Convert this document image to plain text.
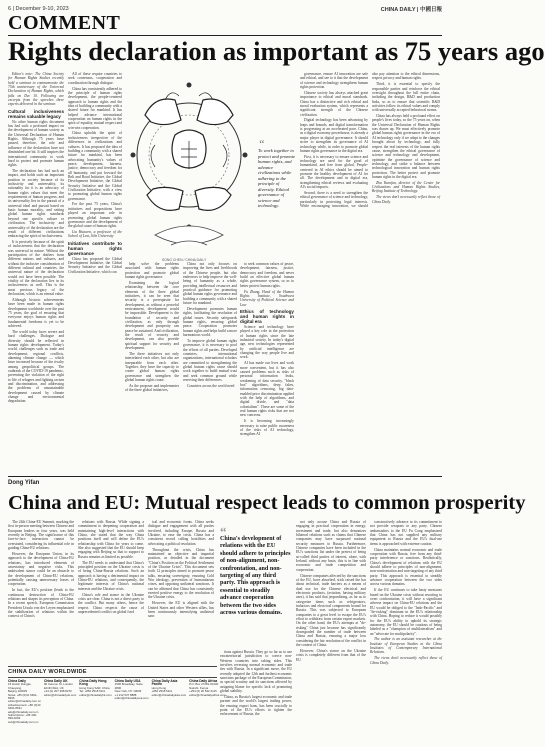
6 | December 9-10, 2023	CHINA DAILY | 中國日報
COMMENT
Rights declaration as important as 75 years ago

Editor's note: The China Society for Human Rights Studies recently held a seminar to commemorate the 75th anniversary of the Universal Declaration of Human Rights, which falls on Dec 10. Following are excerpts from the speeches three experts delivered in the seminar.

Cultural inclusiveness remains valuable legacy

No other human rights document has had such a profound impact on the development of human society as the Universal Declaration of Human Rights. Although 75 years have passed, therefore, the role and influence of the declaration have not diminished one bit. It still inspires the international community to work hard to protect and promote human rights.

The declaration has had such an impact, and holds such an important position in society because of its inclusivity and universality, its rationality for it is an advocacy of human rights values that meet the requirements of human progress; and its universality lies in the pursuit of a universal ideal and pursuit based on basic human morality, and setting global human rights standards beyond one specific culture or civilization. The inclusivity and universality of the declaration are the result of different civilizations embracing the spirit of inclusiveness.

It is precisely because of the spirit of inclusiveness that the declaration was universal in nature. Without the participation of the drafters from different nations and cultures, and without the inclusive consideration of different cultural and countries, the universal nature of the declaration would not have been possible. The vitality of the declaration lies in its inclusiveness as well. This is the most precious legacy of the declaration, which is an eternal value.

Although historic achievements have been made in human rights development worldwide over the past 75 years, the goal of ensuring that everyone enjoys human rights and fundamental freedoms is yet to be achieved.

The world today faces severe and hard challenges. Dialogue and diversity should be reflected in human rights development. Today's world, challenges such as trade and development, regional conflicts, alarming climate change — which have increased because of the rivalry among geopolitical groups. The outbreak of the COVID-19 pandemic, preventing the violation of the right to life of refugees and fighting racism and discrimination, and addressing the problems of unsustainable development caused by climate change and environmental degradation.

All of these require countries to seek consensus, cooperation and coordination through dialogue.

China has consistently adhered to the principle of human rights development, the people-centered approach to human rights and the idea of building a community with a shared future for mankind. It has helped advance international cooperation on human rights in the spirit of equality, mutual respect and win-win cooperation.

China upholds the spirit of inclusiveness irrespective of the differences in civilizations and cultures. It has proposed the idea of building a community with a shared future for mankind, has been advocating humanity's values of peace, development, fairness, justice, democracy and freedom for all humanity, and put forward the Belt and Road Initiative, the Global Development Initiative, the Global Security Initiative and the Global Civilization Initiative, with a view to promoting global human rights governance.

For the past 75 years, China's initiatives and propositions have played an important role in promoting global human rights governance and the development of the global cause of human rights.

Liu Huawen, a professor of the School of Law, Jilin University

Initiatives contribute to human rights governance

China has proposed the Global Development Initiative, the Global Security Initiative and the Global Civilization Initiative, which can

help solve the problems associated with human rights protection and promote global human rights governance.

Examining the logical relationship between the core elements of the three global initiatives, it can be seen that security is a prerequisite for development, as without a peaceful environment, development would be impossible. Development is the foundation of security and civilization, as only through development and prosperity can peace be sustained. And civilization, the result of security and development, can also provide spiritual support for security and development.

The three initiatives not only interrelated each other, but also are inseparable from each other. Together, they have the capacity to create global human rights governance and strengthen the global human rights cause.

As the proposer and implementer of the three global initiatives,

China not only focuses on improving the lives and livelihoods of the Chinese people, but also endeavors to help improve the well-being of humanity as a whole, providing intellectual resources and practical guidance for promoting global human rights governance and building a community with a shared future for mankind.

Development promotes human rights, facilitating the resolution of global issues. Security safeguards human rights, ensuring global peace. Cooperation promotes human rights and helps build a more harmonious world.

To improve global human rights governance, it is necessary to pool the efforts of all parties. Developed countries, international organizations, international scholars are committed to strengthening the global human rights cause should work together to build mutual trust and seek common ground while reserving their differences.

Countries across the world need

to seek common values of peace, development, fairness, justice, democracy and freedom, and never build an effective global human rights governance system, so as to better protect human rights.

Fu Zhang, Head of the Human Rights Institute, Southwest University of Political Science and Law

Ethics of technology and human rights in digital era

Science and technology have played a key role in the protection of human rights since the late industrial society. In today's digital age, new technologies represented by artificial intelligence are changing the way people live and work.

AI has made our lives and work more convenient, but it has also caused problems such as risks of personal information leaks, weakening of data security, "black box" algorithms, deep fakes, information censoring, big data-enabled price discrimination applied with the help of algorithms, and digital divide, and "data colonialism". These are some of the real human rights risks that are not new concerns.

It is becoming increasingly necessary to raise public awareness of the risks of AI technology, strengthen AI

governance, ensure AI innovation are safe and ethical, and see to it that the development of science and technology strengthens human rights protection.

Chinese society has always attached great importance to ethical and moral standards. China has a distinctive and rich ethical and moral evaluation system, which represents a significant strength of the Chinese civilization.

Digital technology has been advancing by leaps and bounds, and digital transformation is progressing at an accelerated pace. China, as a digital economy powerhouse, is already a major player in digital governance. It should strive to strengthen its governance of AI technology while, in order to promote global human rights governance in the digital era.

First, it is necessary to ensure science and technology are used for the good of humankind, and free from global, People-centered in AI ethics should be aimed to promote the healthy development of AI for all. The development and in digital era, strengthening ethical reviews and evaluating AI's social impacts.

Second, there is a need to strengthen the ethical governance of science and technology, particularly in protecting legal interests. While encouraging innovation, we should also pay attention to the ethical dimensions, respect privacy and human rights.

Third, it is essential to specify the responsible parties and reinforce the ethical oversight throughout the full entire chain, including the design, R&D and production links, so as to ensure that scientific R&D activities follow its ethical values and comply with universally accepted behavioral norms.

China has always held a profound effect on people's lives today, so the 75 years on, when the Universal Declaration of Human Rights was drawn up. We must effectively promote global human rights governance in the era of AI technology only if we adapt to the changes brought about by technology, and fully respect the real interests of the human rights cause, strengthen the ethical governance of science and technology and development, optimize the governance of science and technology, and strike a balance between technological innovation and human rights protection. The better protect and promote human rights in the digital era.

Zhu Yuanfan, director of the Center for Civilizations and Human Rights Studies, Beijing Institute of Technology.

The views don't necessarily reflect those of China Daily.

“
To work together to protect and promote human rights, and advance civilizations while adhering to the principle of diversity. Ethical governance of science and technology.
SONG CHEN / CHINA DAILY
Dong Yifan
China and EU: Mutual respect leads to common prosperity

The 24th China-EU Summit, marking the first in-person meeting between Chinese and European leaders in four years, was held recently in Beijing. The significance of this face-to-face interaction cannot be overstated, considering its influential role in guiding China-EU relations.

However, the European Union, in its approach to the development of China-EU relations, has introduced elements of uncertainty and negative risks. This ambivalent stance could be an obstacle to the development of China-EU relations, potentially causing unnecessary losses of cooperation.

In fact, the EU's position (leads to the continuous destruction of China-EU relations and shapes its perception of China. In a recent speech, European Commission President Ursula von der Leyen emphasized the stabilization of relations within the context of China's

relations with Russia. While signing a commitment to deepening cooperation and maintaining high-level interactions with China, she stated that the way China positions itself and will define the EU's relationship with China for years to come. She also suggested that the EU should keep engaging with Beijing so that to support to Russia remains as limited as possible.

The EU needs to understand that China's principled position on the Ukraine crisis is of being China-Russia relations. Such an approach is having a detrimental impact on China-EU relations, and consequently, the legitimate interests of China's national interests and the Ukraine crisis.

China's role and stance in the Ukraine crisis are clear. China is not a direct party to the conflict. But many others, hence the respect. China respects the cause of unprecedented conflict on global food

ical and economic fronts. China seeks dialogue and engagement with all parties involved, including Europe, Russia and Ukraine, to ease the crisis. China has a consistent record calling hostilities and advocating a political resolution.

Throughout the crisis, China has maintained an objective and impartial position, as detailed in the document "China's Position on the Political Settlement of the Ukraine Crisis". This document sets forth 12 principles aimed to promote peace talks, ensuring sovereignty, ensuring Cold War ideology, prevention of humanitarian crises, and opposing unilateral sanctions. It can be affirmed that China has consistently exerted positive energy to the resolution of the Ukraine crisis.

However, the EU is aligned with the United States and other Western allies, has been continuously intensifying unilateral sanc

“
China's development of relations with the EU should adhere to principles of non-alignment, non-confrontation, and non-targeting of any third party. This approach is essential to steadily advance cooperation between the two sides across various domains.

tions against Russia. They go so far as to use extraterritorial jurisdiction to coerce non-Western countries into taking sides. This involves reversing normal economic and trade ties with Russia. In a significant move, the EU recently adopted the 12th and furthest economic sanctions package of the European Commission, as special scrutiny and its sanctions affected by assigning blame for specific lack of promoting global stability.

China, as Russia's largest economic and trade partner and the world's largest trading power, the ensuing export bans, has been crucially to point of the EU's efforts to tighten the enforcement of Russia, the

not only accuse China and Russia of engaging in practical cooperation in energy, investment and trade, but also demonizes bilateral relations such as claims that Chinese companies may have surpassed national security measures to Russia. Furthermore, Chinese companies have been included in the EU's sanctions list under the pretext of being so-called third parties of interest, alone, with Ireland, without any basis; this is in line with economic and trade competition and cooperation.

Chinese companies affected by the sanctions of the EU, have absorbed, stick raised the bar about technical, trade barriers as a means of dual use for the Chinese electrical and electronic products, (aviation, having military uses), it has said that jeopardizing, as far as to categorize items such as refrigerators, inductors and electrical components bound for Russia. This was subjected to European companies to a great level to escape the EU's effort to withdraw from certain export markets. On the other hand, the EU's attempts at "de-risking" China just because has significantly downgraded the number of trade between China and Russia, ensuring a major loss considering the fair resolution of the conflict in the context of China.

However, China's stance on the Ukraine crisis is completely different from that of the EU

constructively advance to its commitment to not provide weapons to any party. Chinese ambassadors to the EU Fu Cong emphasized that China has not supplied any military equipment to Russia and the EU's dual-use items is approached with extreme caution.

China maintains normal economic and trade cooperation with Russia, free from any third-party interference or sanctions. Realistically, China's development of relations with the EU should adhere to principles of non-alignment, non-confrontation and non-targeting of any third party. This approach is essential to steadily advance cooperation between the two sides across various domains.

If the EU continues to take hasty measures based on the Ukraine crisis without resorting to overt confrontation, it will have a significant adverse impact on China-EU relations and the EU would be obliged to the "Indo-Pacific" and "de-risking" dominant in the EU's relationship with China. Hoping to reduce it would possibly for the EU's ability to uphold its strategic autonomy, the EU should be cautious of being labeled as a "champion of multilateralism" and an "advocate for multipolarity".

The author is an assistant researcher at the Institute of European Studies at the China Institutes of Contemporary International Relations.

The views don't necessarily reflect those of China Daily.

CHINA DAILY WORLDWIDE
China Daily
15 Huixin Dongjie, Chaoyang
Beijing 100029
News: +86 (0)10 6491-8366
editor@chinadaily.com.cn
Advertisement: +86 (0)10 6491-8631
ads@chinadaily.com.cn
Subscription: +86 400-699-0203
sub@chinadaily.com.cn
China Daily UK
90 Cannon St, London EC4N 6HA, UK
+44 (0) 207 398 8270
editor@chinadailyuk.com
China Daily Hong Kong
Hong Kong SAR, China
Tel: +852 2518 5111
editor@chinadailyhk.com
China Daily USA
1500 Broadway, Suite 2800
New York, NY 10036
+1 212 537 8888
editor@chinadailyusa.com
China Daily Asia Pacific
Hong Kong
+852 2518 5111
editor@chinadailyasia.com
China Daily Africa
P.O. Box 27281-00100
Nairobi, Kenya
+254 (0) 20 522 2115
editor@chinadailyafrica.com
